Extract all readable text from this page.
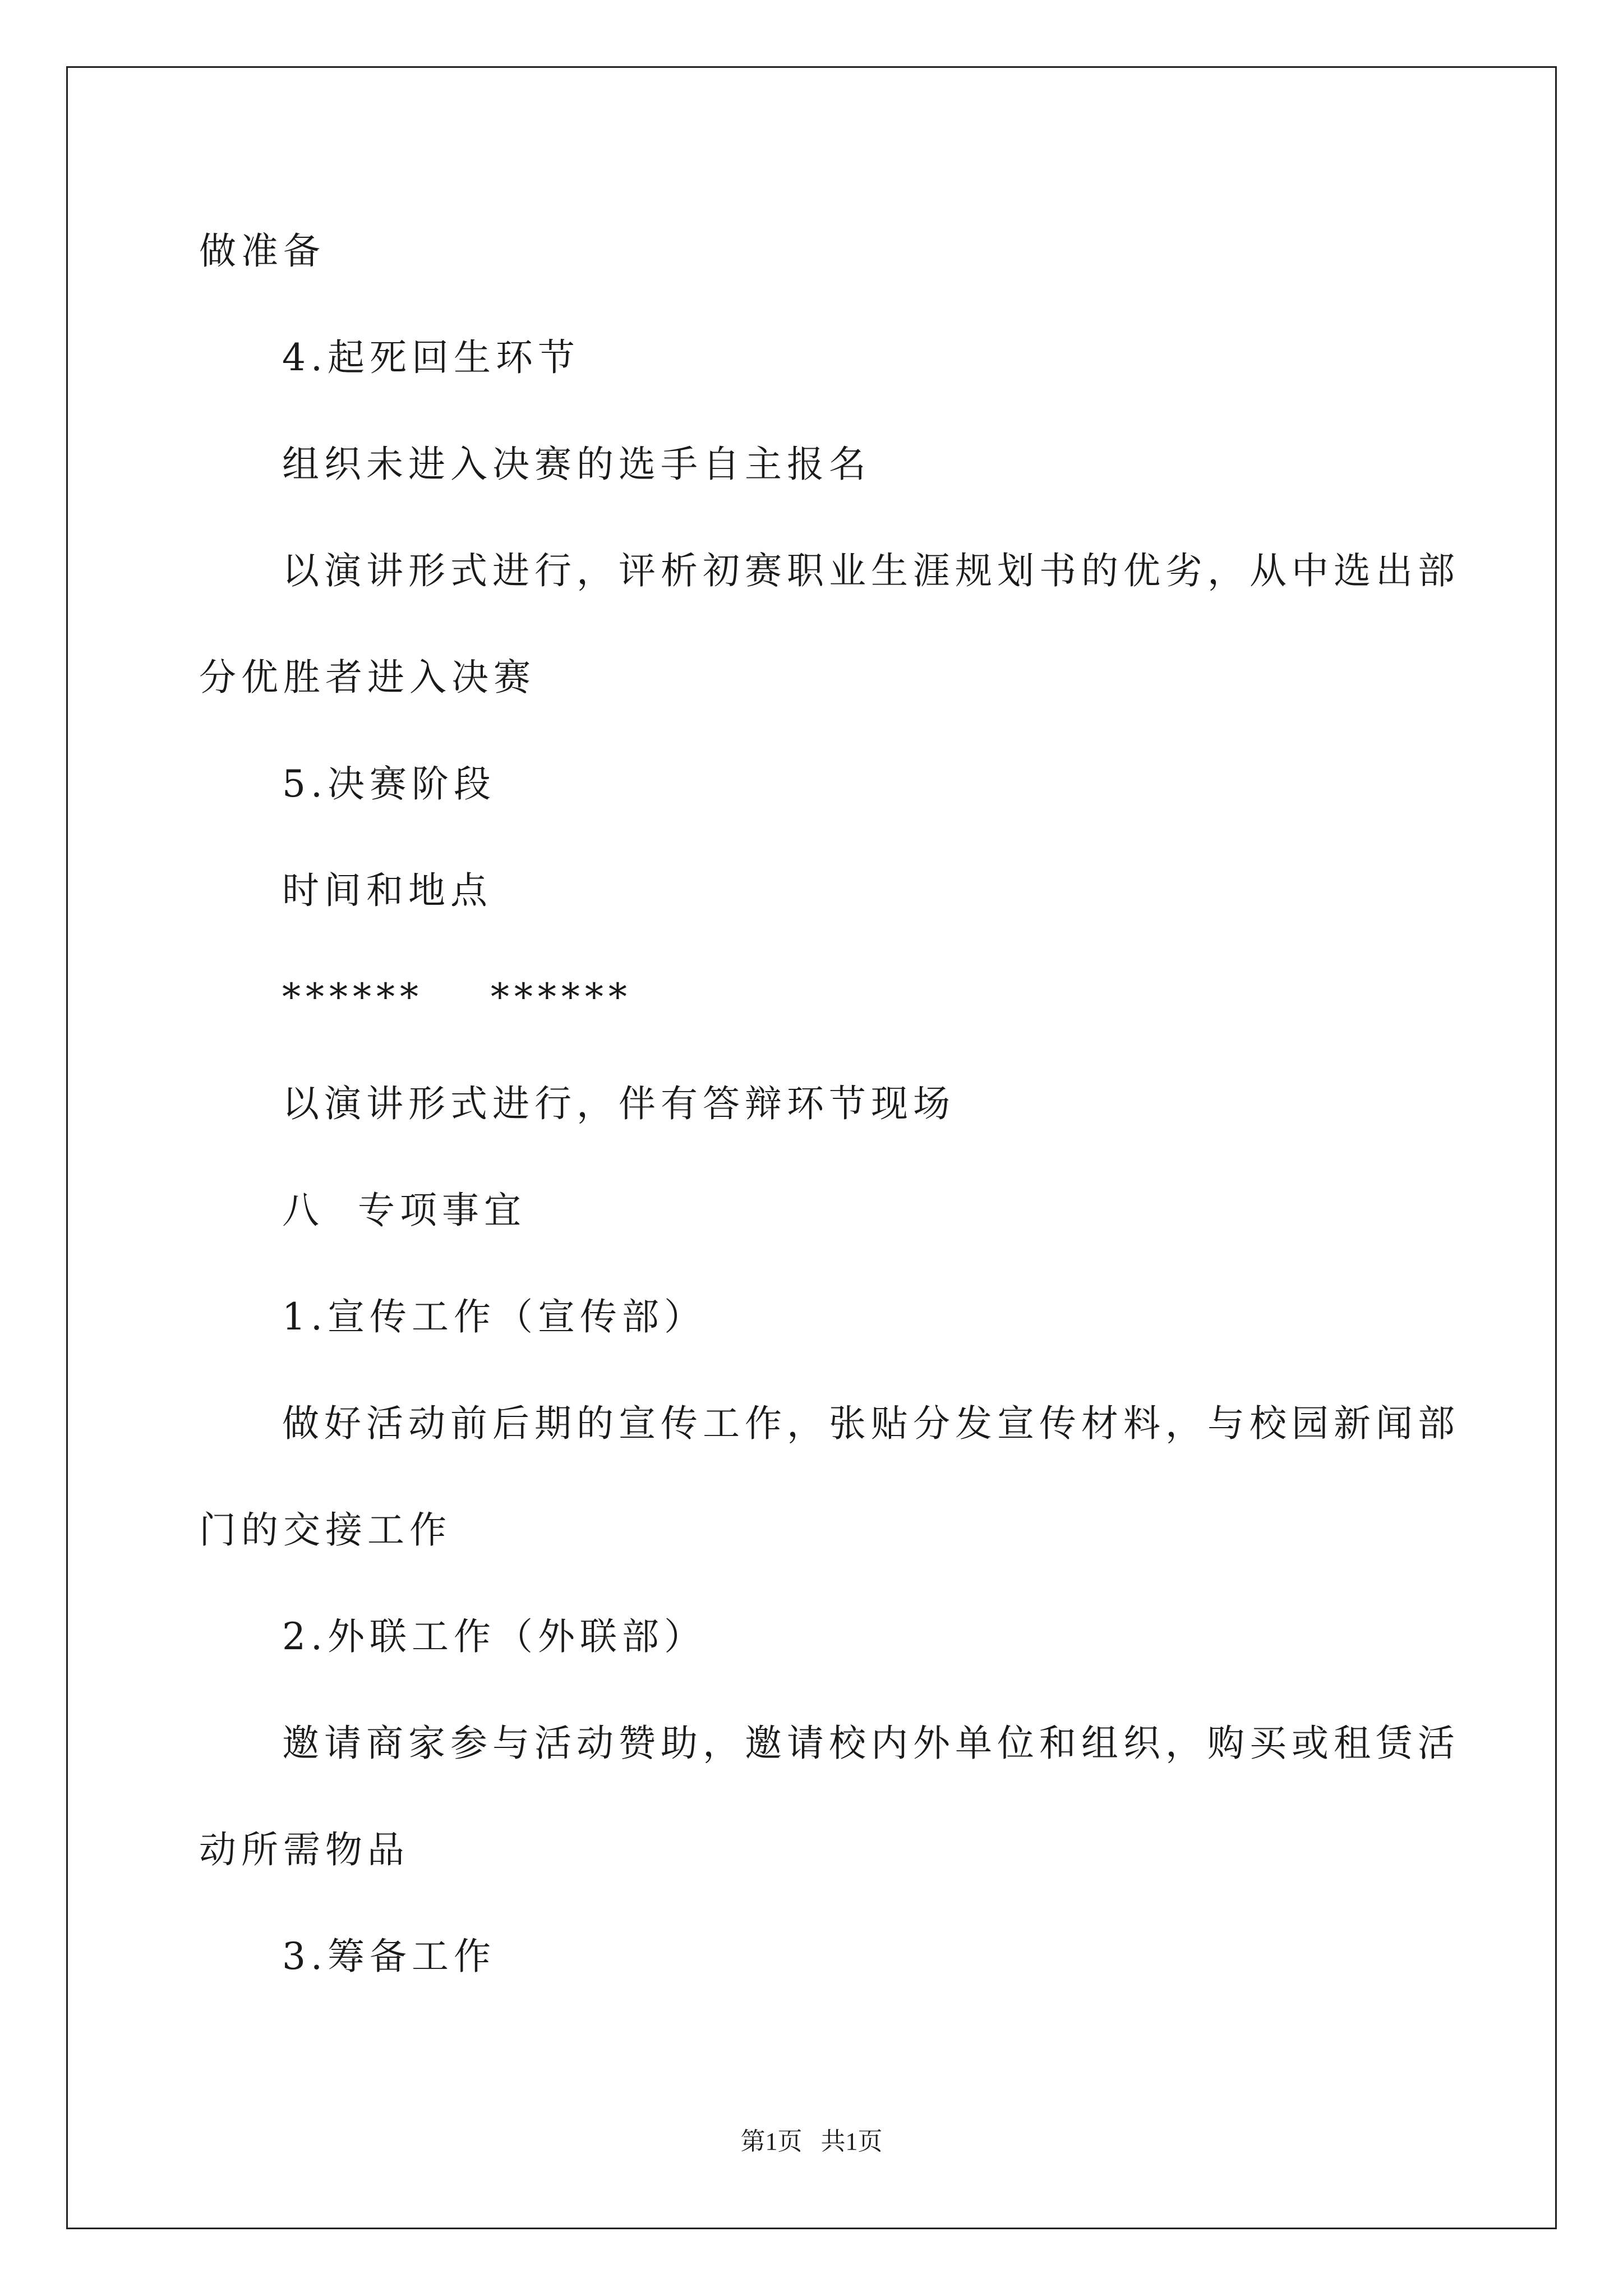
做准备
4.起死回生环节
组织未进入决赛的选手自主报名
以演讲形式进行，评析初赛职业生涯规划书的优劣，从中选出部
分优胜者进入决赛
5.决赛阶段
时间和地点
******    ******
以演讲形式进行，伴有答辩环节现场
八  专项事宜
1.宣传工作（宣传部）
做好活动前后期的宣传工作，张贴分发宣传材料，与校园新闻部
门的交接工作
2.外联工作（外联部）
邀请商家参与活动赞助，邀请校内外单位和组织，购买或租赁活
动所需物品
3.筹备工作
第1页   共1页
